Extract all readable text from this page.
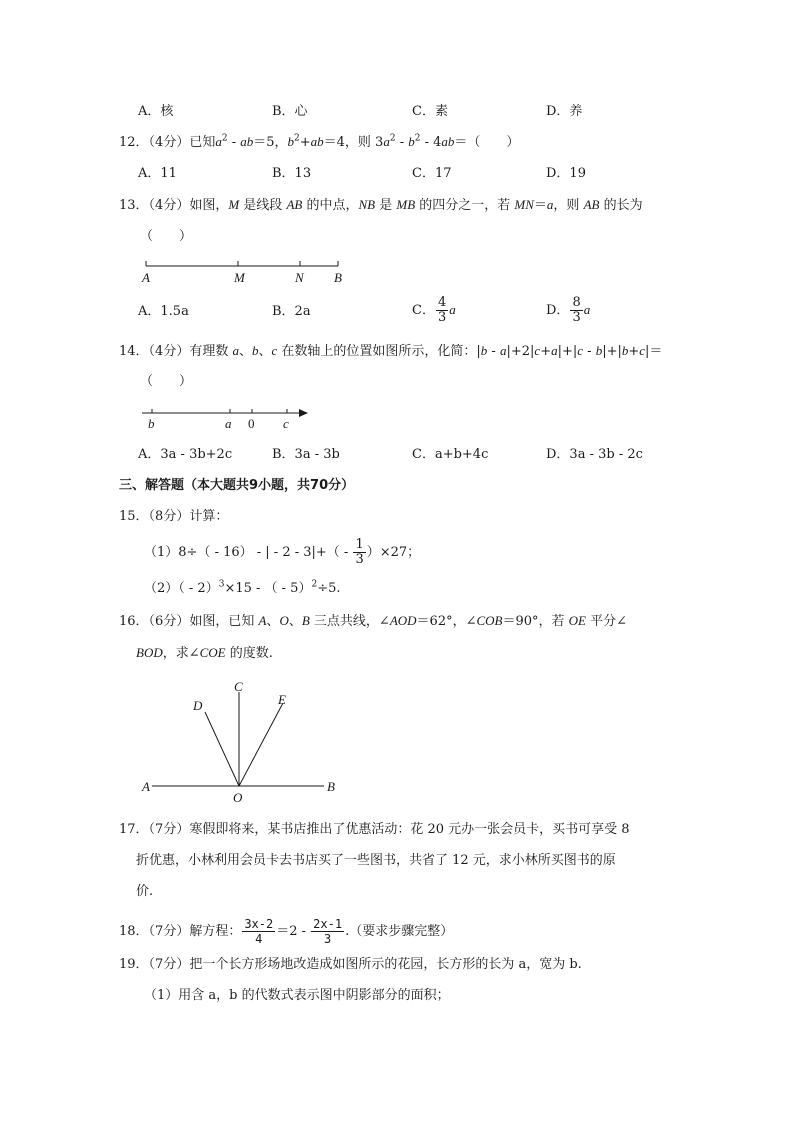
A．核	B．心	C．素	D．养
12．（4分）已知$a^2 - ab=5$，$b^2+ab=4$，则 $3a^2 - b^2 - 4ab=$（　　）
A．11	B．13	C．17	D．19
13．（4分）如图，M 是线段 AB 的中点，NB 是 MB 的四分之一，若 MN＝a，则 AB 的长为
（　　）
A	M	N B
A．1.5a	B．2a	C． $\frac{4}{3}$ a	D． $\frac{8}{3}$ a
14．（4分）有理数 a、b、c 在数轴上的位置如图所示，化简：|b - a|+2|c+a|+|c - b|+|b+c|＝
（　　）
b	a 0 c
A．3a - 3b+2c	B．3a - 3b	C．a+b+4c	D．3a - 3b - 2c
三、解答题（本大题共9小题，共70分）
15．（8分）计算：
（1）8÷（ - 16） - | - $2 - 3|+( - \frac{1}{3} )\times 27$；
（2）（ - 2）$^3$×15 - （ - 5）$^2$÷5.
16．（6分）如图，已知 A、O、B 三点共线，∠AOD＝62°，∠COB＝90°，若 OE 平分∠
BOD，求∠COE 的度数.
C
D	E
A
O
B
17．（7分）寒假即将来，某书店推出了优惠活动：花 20 元办一张会员卡，买书可享受 8
折优惠，小林利用会员卡去书店买了一些图书，共省了 12 元，求小林所买图书的原
价.
18．（7分）解方程： $\frac{3x-2}{4} =2 - \frac{2x-1}{3}$ .（要求步骤完整）
19．（7分）把一个长方形场地改造成如图所示的花园，长方形的长为 a，宽为 b.
（1）用含 a，b 的代数式表示图中阴影部分的面积；
